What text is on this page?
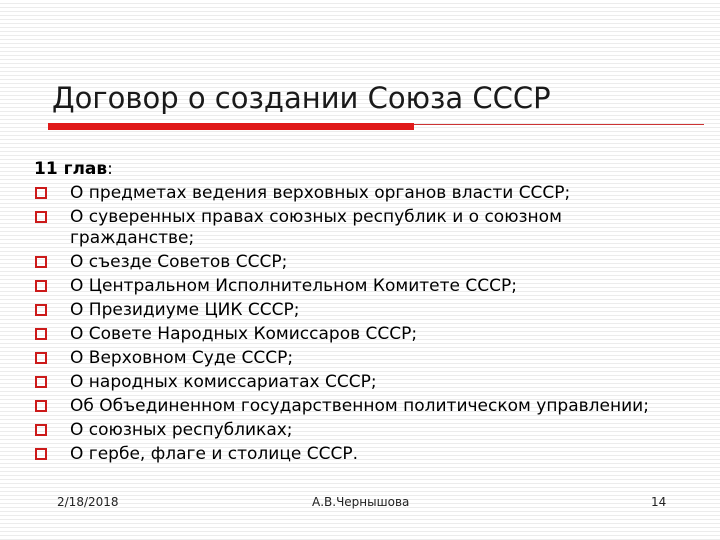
Договор о создании Союза СССР
11 глав:
О предметах ведения верховных органов власти СССР;
О суверенных правах союзных республик и о союзном гражданстве;
О съезде Советов СССР;
О Центральном Исполнительном Комитете СССР;
О Президиуме ЦИК СССР;
О Совете Народных Комиссаров СССР;
О Верховном Суде СССР;
О народных комиссариатах СССР;
Об Объединенном государственном политическом управлении;
О союзных республиках;
О гербе, флаге и столице СССР.
2/18/2018	А.В.Чернышова	14
